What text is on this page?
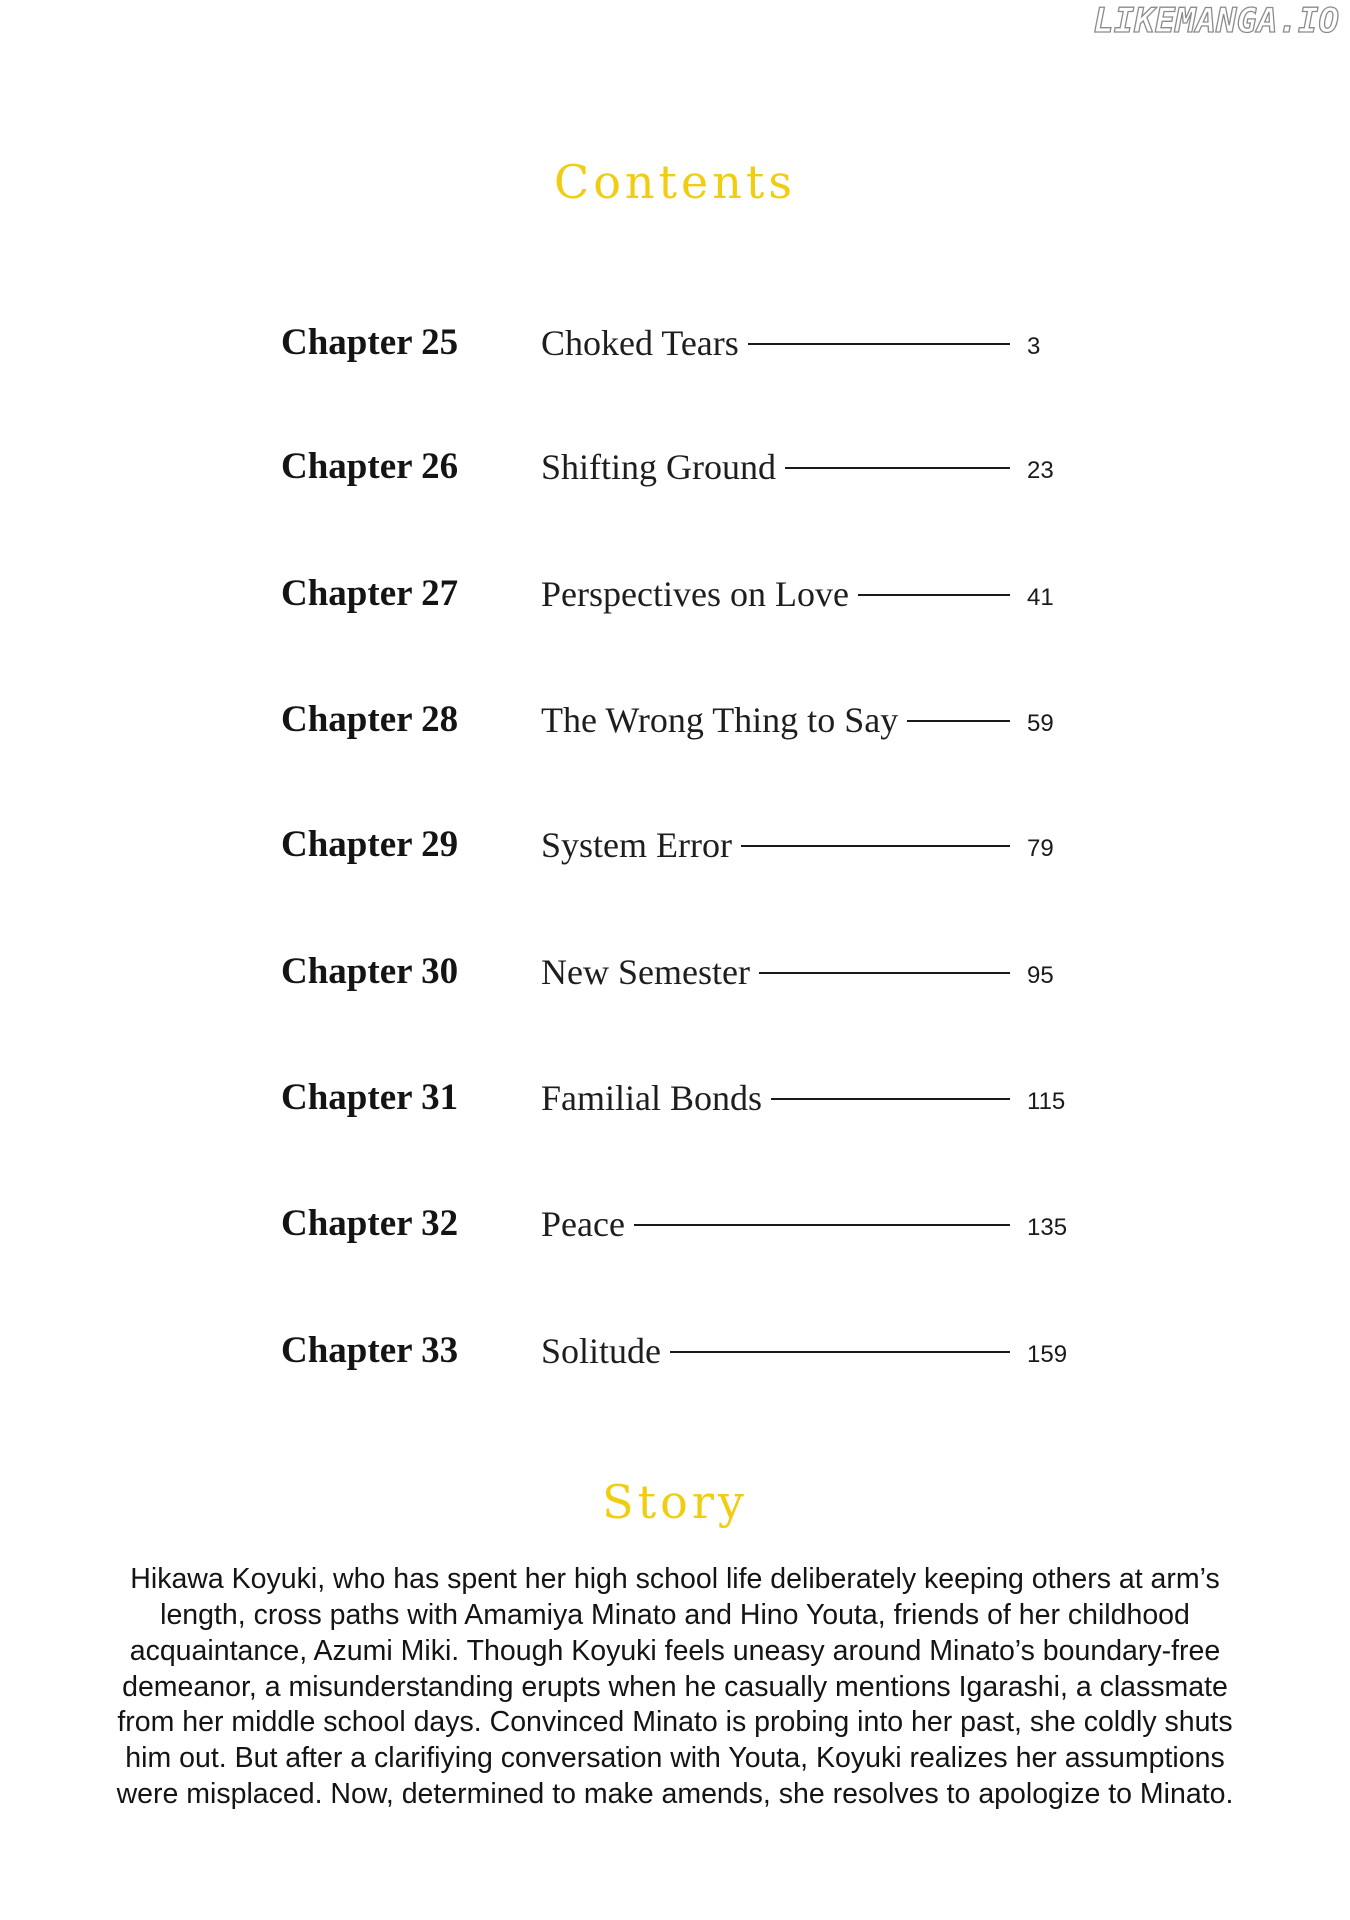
LIKEMANGA.IO
Contents
Chapter 25	Choked Tears	3
Chapter 26	Shifting Ground	23
Chapter 27	Perspectives on Love	41
Chapter 28	The Wrong Thing to Say	59
Chapter 29	System Error	79
Chapter 30	New Semester	95
Chapter 31	Familial Bonds	115
Chapter 32	Peace	135
Chapter 33	Solitude	159
Story
Hikawa Koyuki, who has spent her high school life deliberately keeping others at arm’s
length, cross paths with Amamiya Minato and Hino Youta, friends of her childhood
acquaintance, Azumi Miki. Though Koyuki feels uneasy around Minato’s boundary-free
demeanor, a misunderstanding erupts when he casually mentions Igarashi, a classmate
from her middle school days. Convinced Minato is probing into her past, she coldly shuts
him out. But after a clarifiying conversation with Youta, Koyuki realizes her assumptions
were misplaced. Now, determined to make amends, she resolves to apologize to Minato.
